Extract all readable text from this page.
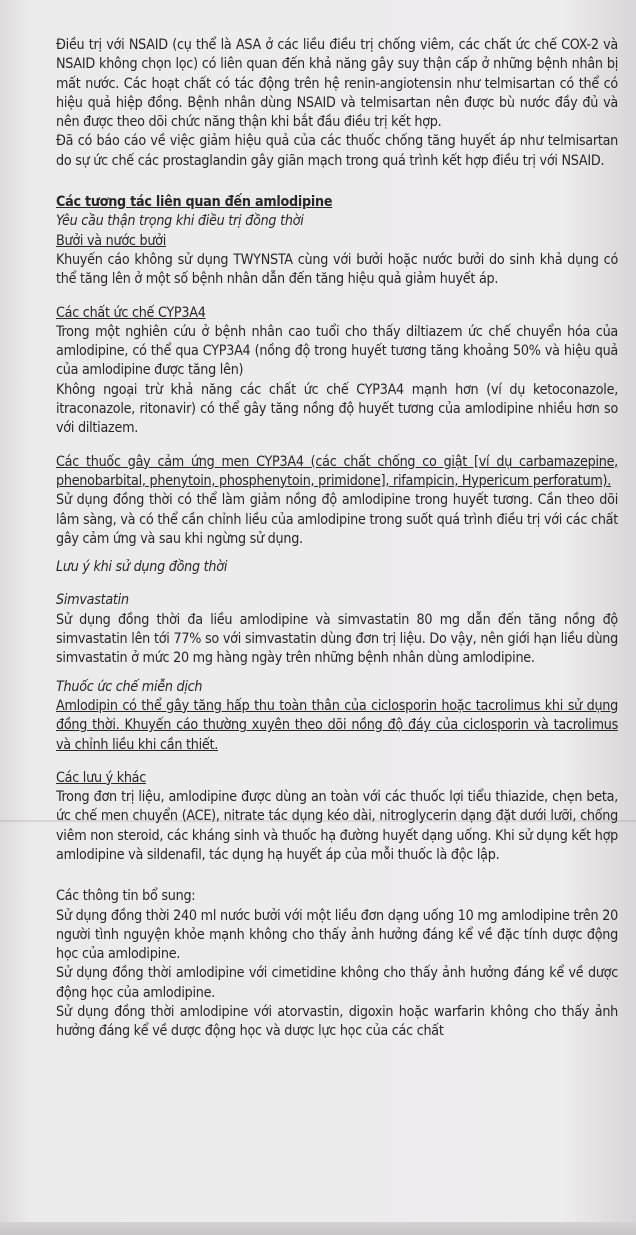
Điều trị với NSAID (cụ thể là ASA ở các liều điều trị chống viêm, các chất ức chế COX-2 và NSAID không chọn lọc) có liên quan đến khả năng gây suy thận cấp ở những bệnh nhân bị mất nước. Các hoạt chất có tác động trên hệ renin-angiotensin như telmisartan có thể có hiệu quả hiệp đồng. Bệnh nhân dùng NSAID và telmisartan nên được bù nước đầy đủ và nên được theo dõi chức năng thận khi bắt đầu điều trị kết hợp.

Đã có báo cáo về việc giảm hiệu quả của các thuốc chống tăng huyết áp như telmisartan do sự ức chế các prostaglandin gây giãn mạch trong quá trình kết hợp điều trị với NSAID.

Các tương tác liên quan đến amlodipine

Yêu cầu thận trọng khi điều trị đồng thời

Bưởi và nước bưởi

Khuyến cáo không sử dụng TWYNSTA cùng với bưởi hoặc nước bưởi do sinh khả dụng có thể tăng lên ở một số bệnh nhân dẫn đến tăng hiệu quả giảm huyết áp.

Các chất ức chế CYP3A4

Trong một nghiên cứu ở bệnh nhân cao tuổi cho thấy diltiazem ức chế chuyển hóa của amlodipine, có thể qua CYP3A4 (nồng độ trong huyết tương tăng khoảng 50% và hiệu quả của amlodipine được tăng lên)

Không ngoại trừ khả năng các chất ức chế CYP3A4 mạnh hơn (ví dụ ketoconazole, itraconazole, ritonavir) có thể gây tăng nồng độ huyết tương của amlodipine nhiều hơn so với diltiazem.

Các thuốc gây cảm ứng men CYP3A4 (các chất chống co giật [ví dụ carbamazepine, phenobarbital, phenytoin, phosphenytoin, primidone], rifampicin, Hypericum perforatum).

Sử dụng đồng thời có thể làm giảm nồng độ amlodipine trong huyết tương. Cần theo dõi lâm sàng, và có thể cần chỉnh liều của amlodipine trong suốt quá trình điều trị với các chất gây cảm ứng và sau khi ngừng sử dụng.

Lưu ý khi sử dụng đồng thời

Simvastatin

Sử dụng đồng thời đa liều amlodipine và simvastatin 80 mg dẫn đến tăng nồng độ simvastatin lên tới 77% so với simvastatin dùng đơn trị liệu. Do vậy, nên giới hạn liều dùng simvastatin ở mức 20 mg hàng ngày trên những bệnh nhân dùng amlodipine.

Thuốc ức chế miễn dịch

Amlodipin có thể gây tăng hấp thu toàn thân của ciclosporin hoặc tacrolimus khi sử dụng đồng thời. Khuyến cáo thường xuyên theo dõi nồng độ đáy của ciclosporin và tacrolimus và chỉnh liều khi cần thiết.

Các lưu ý khác

Trong đơn trị liệu, amlodipine được dùng an toàn với các thuốc lợi tiểu thiazide, chẹn beta, ức chế men chuyển (ACE), nitrate tác dụng kéo dài, nitroglycerin dạng đặt dưới lưỡi, chống viêm non steroid, các kháng sinh và thuốc hạ đường huyết dạng uống. Khi sử dụng kết hợp amlodipine và sildenafil, tác dụng hạ huyết áp của mỗi thuốc là độc lập.

Các thông tin bổ sung:

Sử dụng đồng thời 240 ml nước bưởi với một liều đơn dạng uống 10 mg amlodipine trên 20 người tình nguyện khỏe mạnh không cho thấy ảnh hưởng đáng kể về đặc tính dược động học của amlodipine.

Sử dụng đồng thời amlodipine với cimetidine không cho thấy ảnh hưởng đáng kể về dược động học của amlodipine.

Sử dụng đồng thời amlodipine với atorvastin, digoxin hoặc warfarin không cho thấy ảnh hưởng đáng kể về dược động học và dược lực học của các chất
